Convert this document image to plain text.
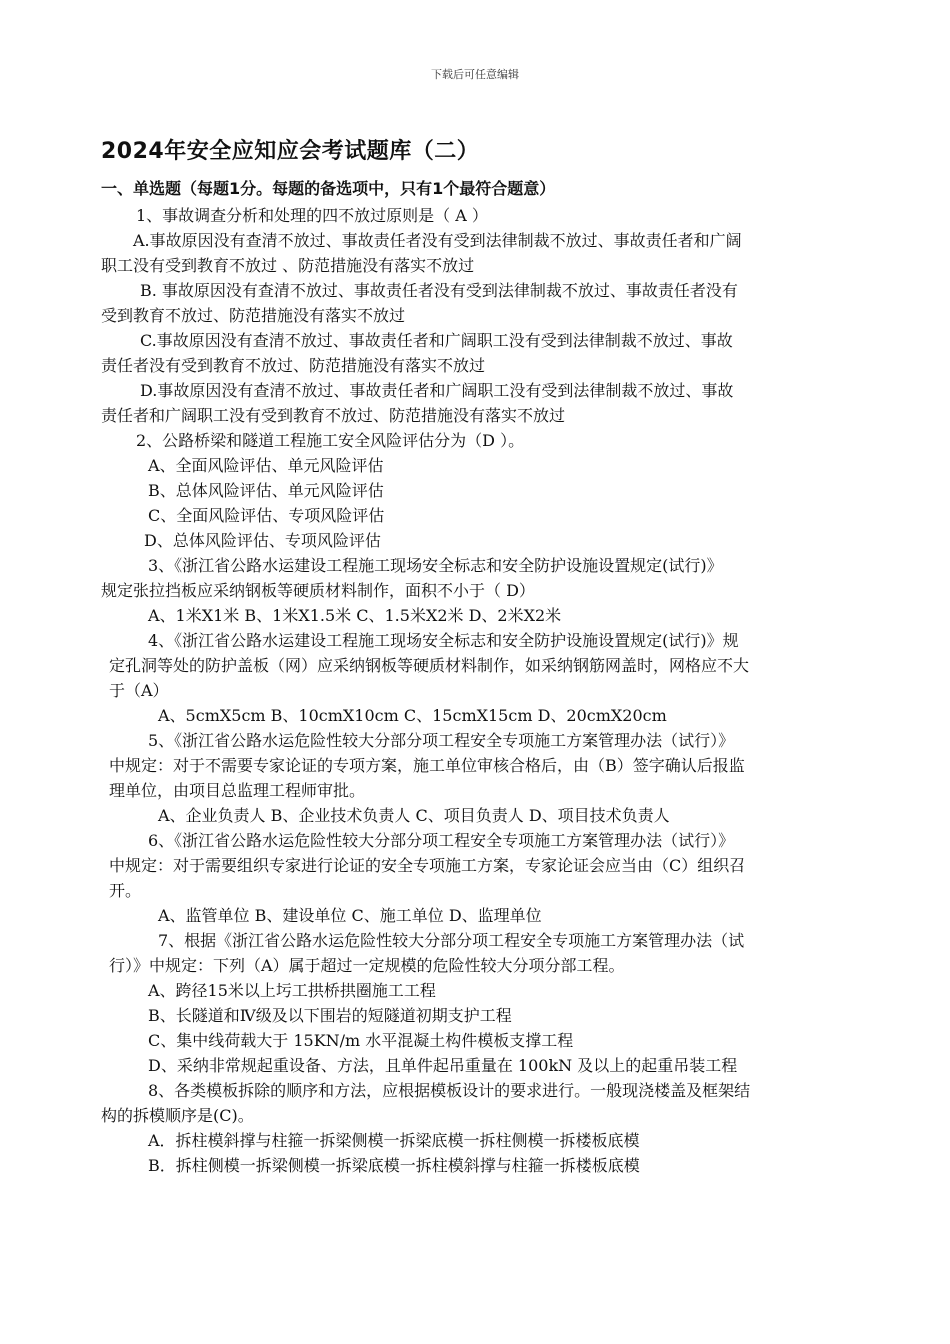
下载后可任意编辑
2024年安全应知应会考试题库（二）
一、单选题（每题1分。每题的备选项中，只有1个最符合题意）
1、事故调查分析和处理的四不放过原则是（ A ）
A.事故原因没有查清不放过、事故责任者没有受到法律制裁不放过、事故责任者和广阔
职工没有受到教育不放过 、防范措施没有落实不放过
B. 事故原因没有查清不放过、事故责任者没有受到法律制裁不放过、事故责任者没有
受到教育不放过、防范措施没有落实不放过
C.事故原因没有查清不放过、事故责任者和广阔职工没有受到法律制裁不放过、事故
责任者没有受到教育不放过、防范措施没有落实不放过
D.事故原因没有查清不放过、事故责任者和广阔职工没有受到法律制裁不放过、事故
责任者和广阔职工没有受到教育不放过、防范措施没有落实不放过
2、公路桥梁和隧道工程施工安全风险评估分为（D ）。
A、全面风险评估、单元风险评估
B、总体风险评估、单元风险评估
C、全面风险评估、专项风险评估
D、总体风险评估、专项风险评估
3、《浙江省公路水运建设工程施工现场安全标志和安全防护设施设置规定(试行)》
规定张拉挡板应采纳钢板等硬质材料制作，面积不小于（ D）
A、1米X1米 B、1米X1.5米 C、1.5米X2米 D、2米X2米
4、《浙江省公路水运建设工程施工现场安全标志和安全防护设施设置规定(试行)》规
定孔洞等处的防护盖板（网）应采纳钢板等硬质材料制作，如采纳钢筋网盖时，网格应不大
于（A）
A、5cmX5cm B、10cmX10cm C、15cmX15cm D、20cmX20cm
5、《浙江省公路水运危险性较大分部分项工程安全专项施工方案管理办法（试行）》
中规定：对于不需要专家论证的专项方案，施工单位审核合格后，由（B）签字确认后报监
理单位，由项目总监理工程师审批。
A、企业负责人 B、企业技术负责人 C、项目负责人 D、项目技术负责人
6、《浙江省公路水运危险性较大分部分项工程安全专项施工方案管理办法（试行）》
中规定：对于需要组织专家进行论证的安全专项施工方案，专家论证会应当由（C）组织召
开。
A、监管单位 B、建设单位 C、施工单位 D、监理单位
7、根据《浙江省公路水运危险性较大分部分项工程安全专项施工方案管理办法（试
行）》中规定：下列（A）属于超过一定规模的危险性较大分项分部工程。
A、跨径15米以上圬工拱桥拱圈施工工程
B、长隧道和Ⅳ级及以下围岩的短隧道初期支护工程
C、集中线荷载大于 15KN/m 水平混凝土构件模板支撑工程
D、采纳非常规起重设备、方法，且单件起吊重量在 100kN 及以上的起重吊装工程
8、各类模板拆除的顺序和方法，应根据模板设计的要求进行。一般现浇楼盖及框架结
构的拆模顺序是(C)。
A．拆柱模斜撑与柱箍一拆梁侧模一拆梁底模一拆柱侧模一拆楼板底模
B．拆柱侧模一拆梁侧模一拆梁底模一拆柱模斜撑与柱箍一拆楼板底模
